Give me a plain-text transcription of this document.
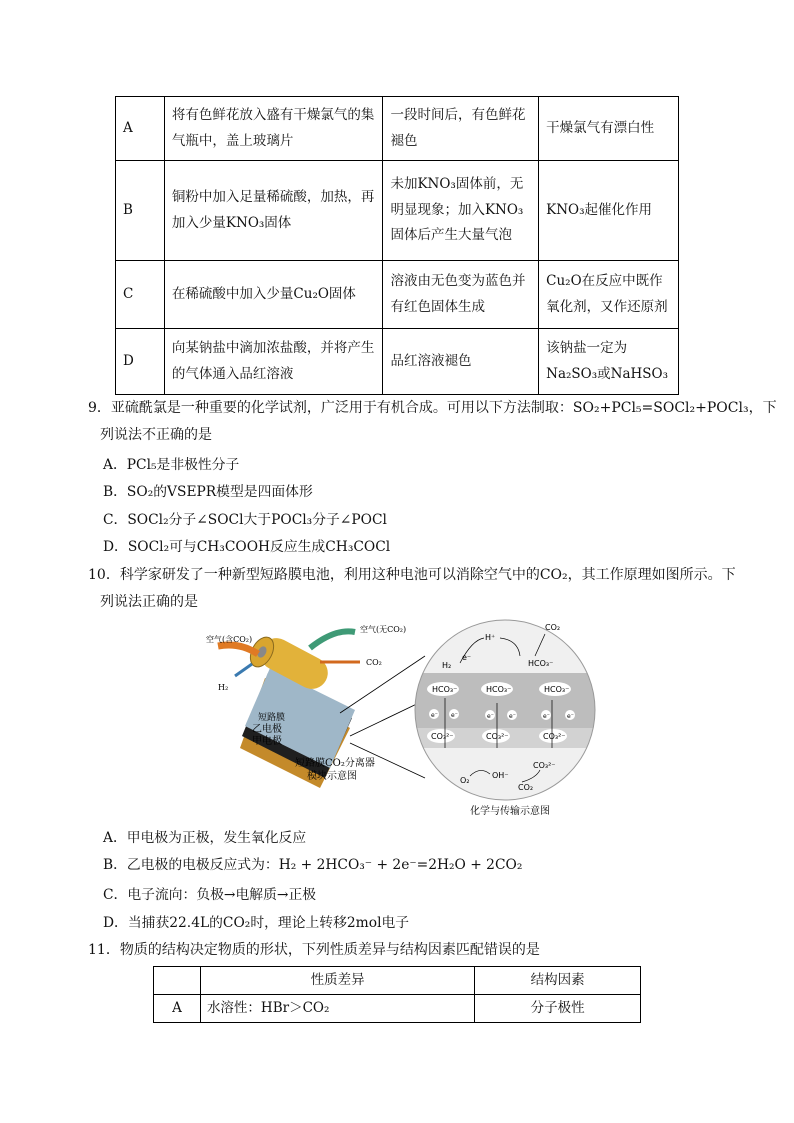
A	将有色鲜花放入盛有干燥氯气的集气瓶中，盖上玻璃片	一段时间后，有色鲜花褪色	干燥氯气有漂白性
B	铜粉中加入足量稀硫酸，加热，再加入少量KNO₃固体	未加KNO₃固体前，无明显现象；加入KNO₃固体后产生大量气泡	KNO₃起催化作用
C	在稀硫酸中加入少量Cu₂O固体	溶液由无色变为蓝色并有红色固体生成	Cu₂O在反应中既作氧化剂，又作还原剂
D	向某钠盐中滴加浓盐酸，并将产生的气体通入品红溶液	品红溶液褪色	该钠盐一定为Na₂SO₃或NaHSO₃
9．亚硫酰氯是一种重要的化学试剂，广泛用于有机合成。可用以下方法制取：SO₂+PCl₅=SOCl₂+POCl₃，下
列说法不正确的是
A．PCl₅是非极性分子
B．SO₂的VSEPR模型是四面体形
C．SOCl₂分子∠SOCl大于POCl₃分子∠POCl
D．SOCl₂可与CH₃COOH反应生成CH₃COCl
10．科学家研发了一种新型短路膜电池，利用这种电池可以消除空气中的CO₂，其工作原理如图所示。下
列说法正确的是
空气(含CO₂)
空气(无CO₂)
H₂
CO₂
短路膜
乙电极
甲电极
短路膜CO₂分离器
模块示意图
H⁺
H₂
e⁻
CO₂
HCO₃⁻
HCO₃⁻	HCO₃⁻	HCO₃⁻
e⁻ e⁻	e⁻	e⁻	e⁻	e⁻
CO₃²⁻	CO₃²⁻	CO₃²⁻
O₂
OH⁻
CO₃²⁻
CO₂
化学与传输示意图
A．甲电极为正极，发生氧化反应
B．乙电极的电极反应式为：H₂ + 2HCO₃⁻ + 2e⁻=2H₂O + 2CO₂
C．电子流向：负极→电解质→正极
D．当捕获22.4L的CO₂时，理论上转移2mol电子
11．物质的结构决定物质的形状，下列性质差异与结构因素匹配错误的是
	性质差异	结构因素
A	水溶性：HBr＞CO₂	分子极性
